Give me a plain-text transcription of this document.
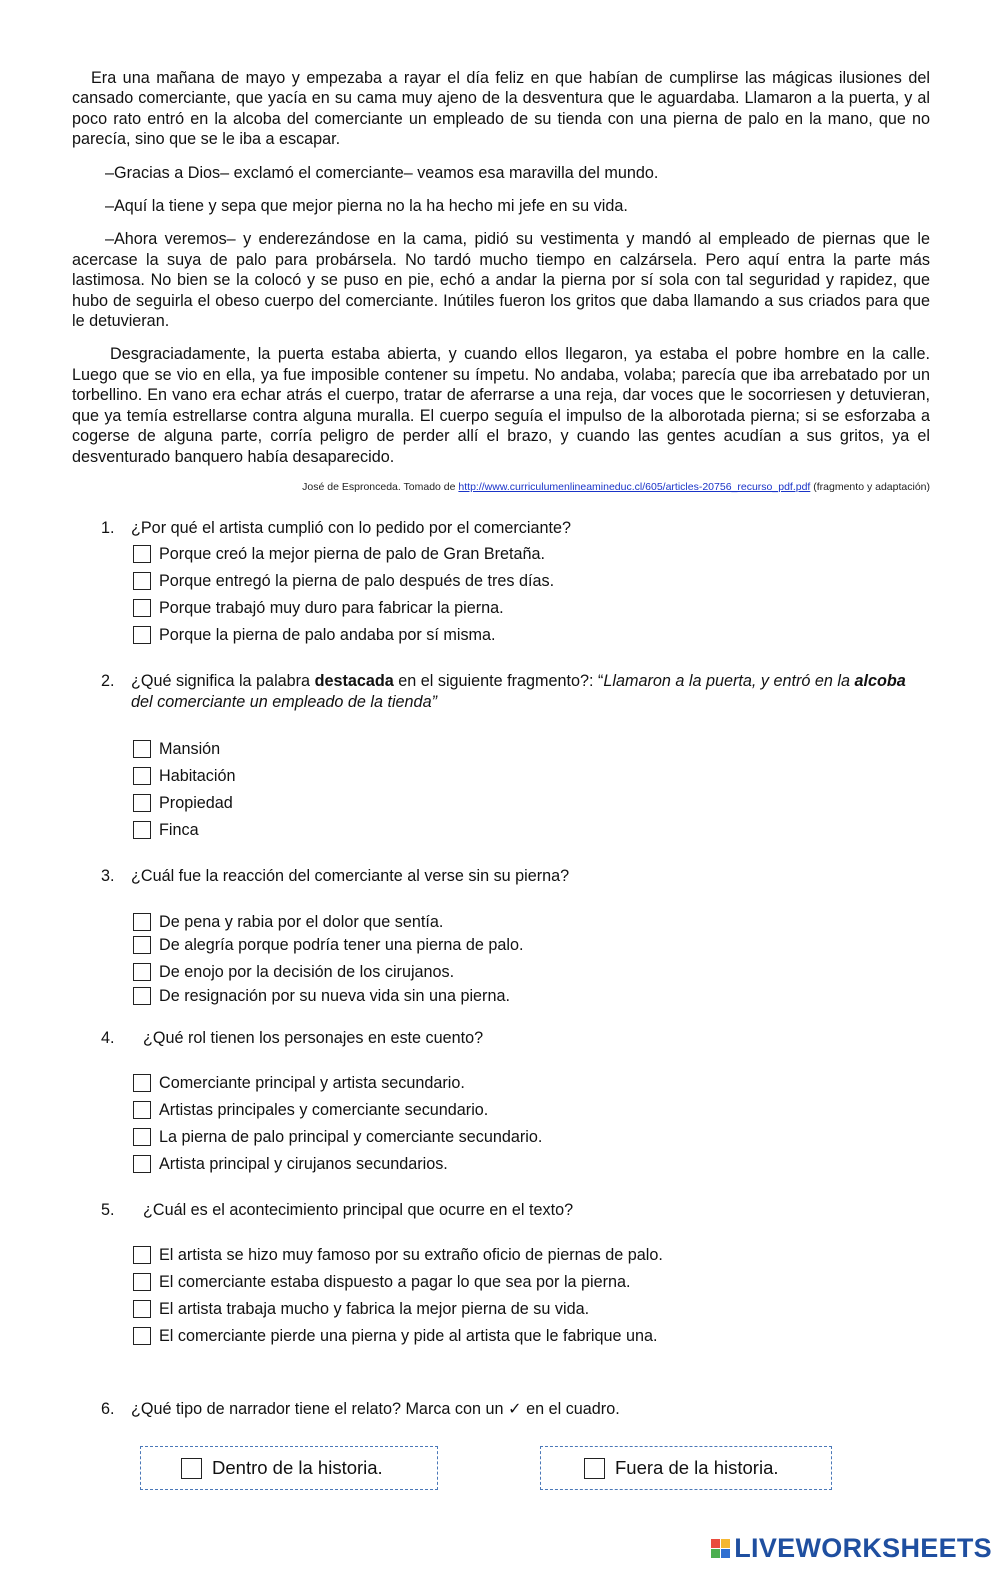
Era una mañana de mayo y empezaba a rayar el día feliz en que habían de cumplirse las mágicas ilusiones del cansado comerciante, que yacía en su cama muy ajeno de la desventura que le aguardaba. Llamaron a la puerta, y al poco rato entró en la alcoba del comerciante un empleado de su tienda con una pierna de palo en la mano, que no parecía, sino que se le iba a escapar.

–Gracias a Dios– exclamó el comerciante– veamos esa maravilla del mundo.

–Aquí la tiene y sepa que mejor pierna no la ha hecho mi jefe en su vida.

–Ahora veremos– y enderezándose en la cama, pidió su vestimenta y mandó al empleado de piernas que le acercase la suya de palo para probársela. No tardó mucho tiempo en calzársela. Pero aquí entra la parte más lastimosa. No bien se la colocó y se puso en pie, echó a andar la pierna por sí sola con tal seguridad y rapidez, que hubo de seguirla el obeso cuerpo del comerciante. Inútiles fueron los gritos que daba llamando a sus criados para que le detuvieran.

Desgraciadamente, la puerta estaba abierta, y cuando ellos llegaron, ya estaba el pobre hombre en la calle. Luego que se vio en ella, ya fue imposible contener su ímpetu. No andaba, volaba; parecía que iba arrebatado por un torbellino. En vano era echar atrás el cuerpo, tratar de aferrarse a una reja, dar voces que le socorriesen y detuvieran, que ya temía estrellarse contra alguna muralla. El cuerpo seguía el impulso de la alborotada pierna; si se esforzaba a cogerse de alguna parte, corría peligro de perder allí el brazo, y cuando las gentes acudían a sus gritos, ya el desventurado banquero había desaparecido.

José de Espronceda. Tomado de http://www.curriculumenlineamineduc.cl/605/articles-20756_recurso_pdf.pdf (fragmento y adaptación)
1. ¿Por qué el artista cumplió con lo pedido por el comerciante?
Porque creó la mejor pierna de palo de Gran Bretaña.
Porque entregó la pierna de palo después de tres días.
Porque trabajó muy duro para fabricar la pierna.
Porque la pierna de palo andaba por sí misma.
2. ¿Qué significa la palabra destacada en el siguiente fragmento?: “Llamaron a la puerta, y entró en la alcoba del comerciante un empleado de la tienda”
Mansión
Habitación
Propiedad
Finca
3. ¿Cuál fue la reacción del comerciante al verse sin su pierna?
De pena y rabia por el dolor que sentía.
De alegría porque podría tener una pierna de palo.
De enojo por la decisión de los cirujanos.
De resignación por su nueva vida sin una pierna.
4. ¿Qué rol tienen los personajes en este cuento?
Comerciante principal y artista secundario.
Artistas principales y comerciante secundario.
La pierna de palo principal y comerciante secundario.
Artista principal y cirujanos secundarios.
5. ¿Cuál es el acontecimiento principal que ocurre en el texto?
El artista se hizo muy famoso por su extraño oficio de piernas de palo.
El comerciante estaba dispuesto a pagar lo que sea por la pierna.
El artista trabaja mucho y fabrica la mejor pierna de su vida.
El comerciante pierde una pierna y pide al artista que le fabrique una.
6. ¿Qué tipo de narrador tiene el relato? Marca con un ✓ en el cuadro.
Dentro de la historia.	Fuera de la historia.
LIVEWORKSHEETS
